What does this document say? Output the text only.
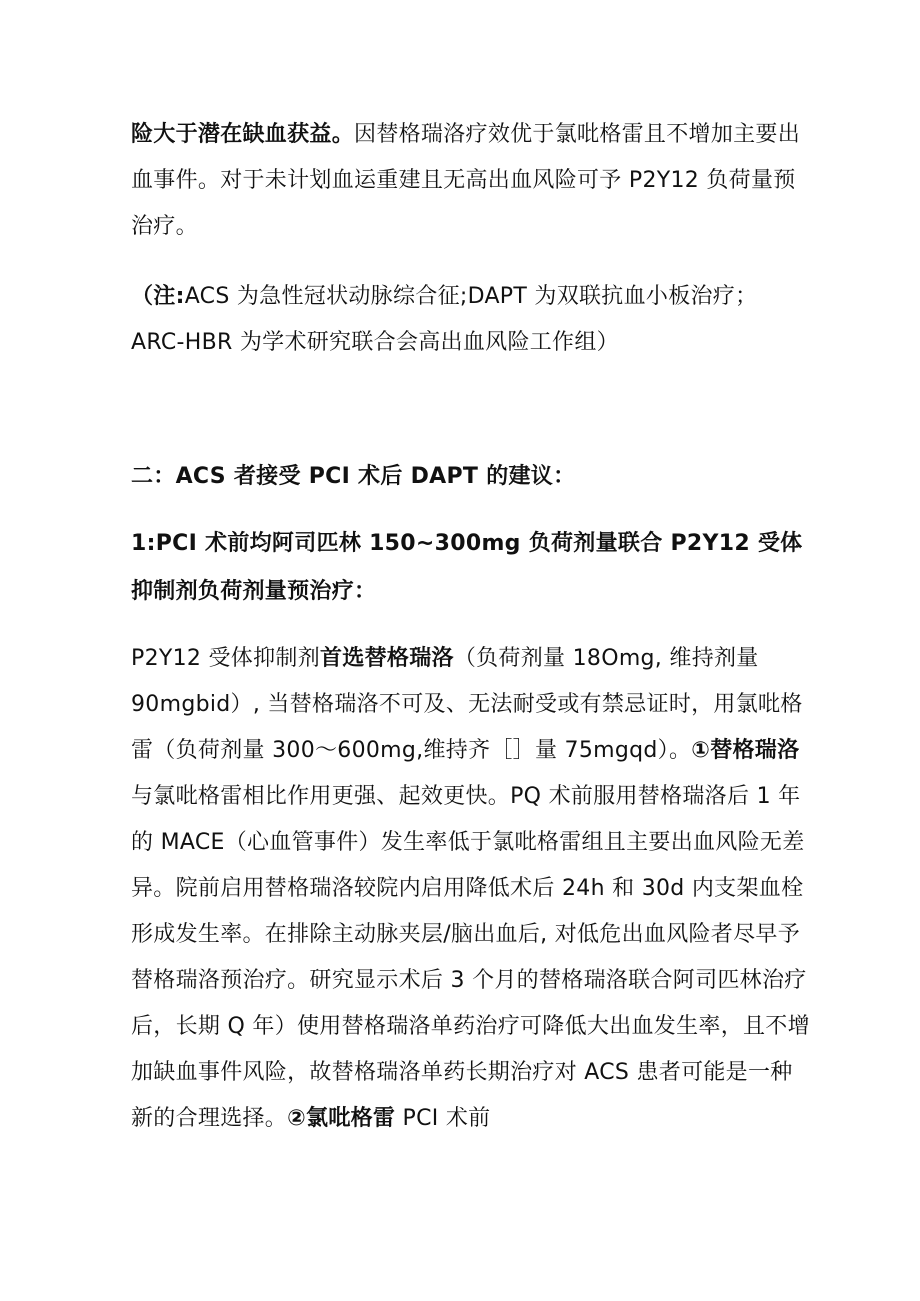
险大于潜在缺血获益。因替格瑞洛疗效优于氯吡格雷且不增加主要出血事件。对于未计划血运重建且无高出血风险可予 P2Y12 负荷量预治疗。

（注:ACS 为急性冠状动脉综合征;DAPT 为双联抗血小板治疗；ARC-HBR 为学术研究联合会高出血风险工作组）

二：ACS 者接受 PCI 术后 DAPT 的建议：

1:PCI 术前均阿司匹林 150~300mg 负荷剂量联合 P2Y12 受体抑制剂负荷剂量预治疗：

P2Y12 受体抑制剂首选替格瑞洛（负荷剂量 18Omg, 维持剂量 90mgbid）, 当替格瑞洛不可及、无法耐受或有禁忌证时，用氯吡格雷（负荷剂量 300～600mg,维持齐［］量 75mgqd）。①替格瑞洛与氯吡格雷相比作用更强、起效更快。PQ 术前服用替格瑞洛后 1 年的 MACE（心血管事件）发生率低于氯吡格雷组且主要出血风险无差异。院前启用替格瑞洛较院内启用降低术后 24h 和 30d 内支架血栓形成发生率。在排除主动脉夹层/脑出血后, 对低危出血风险者尽早予替格瑞洛预治疗。研究显示术后 3 个月的替格瑞洛联合阿司匹林治疗后，长期 Q 年）使用替格瑞洛单药治疗可降低大出血发生率，且不增加缺血事件风险，故替格瑞洛单药长期治疗对 ACS 患者可能是一种新的合理选择。②氯吡格雷 PCI 术前
